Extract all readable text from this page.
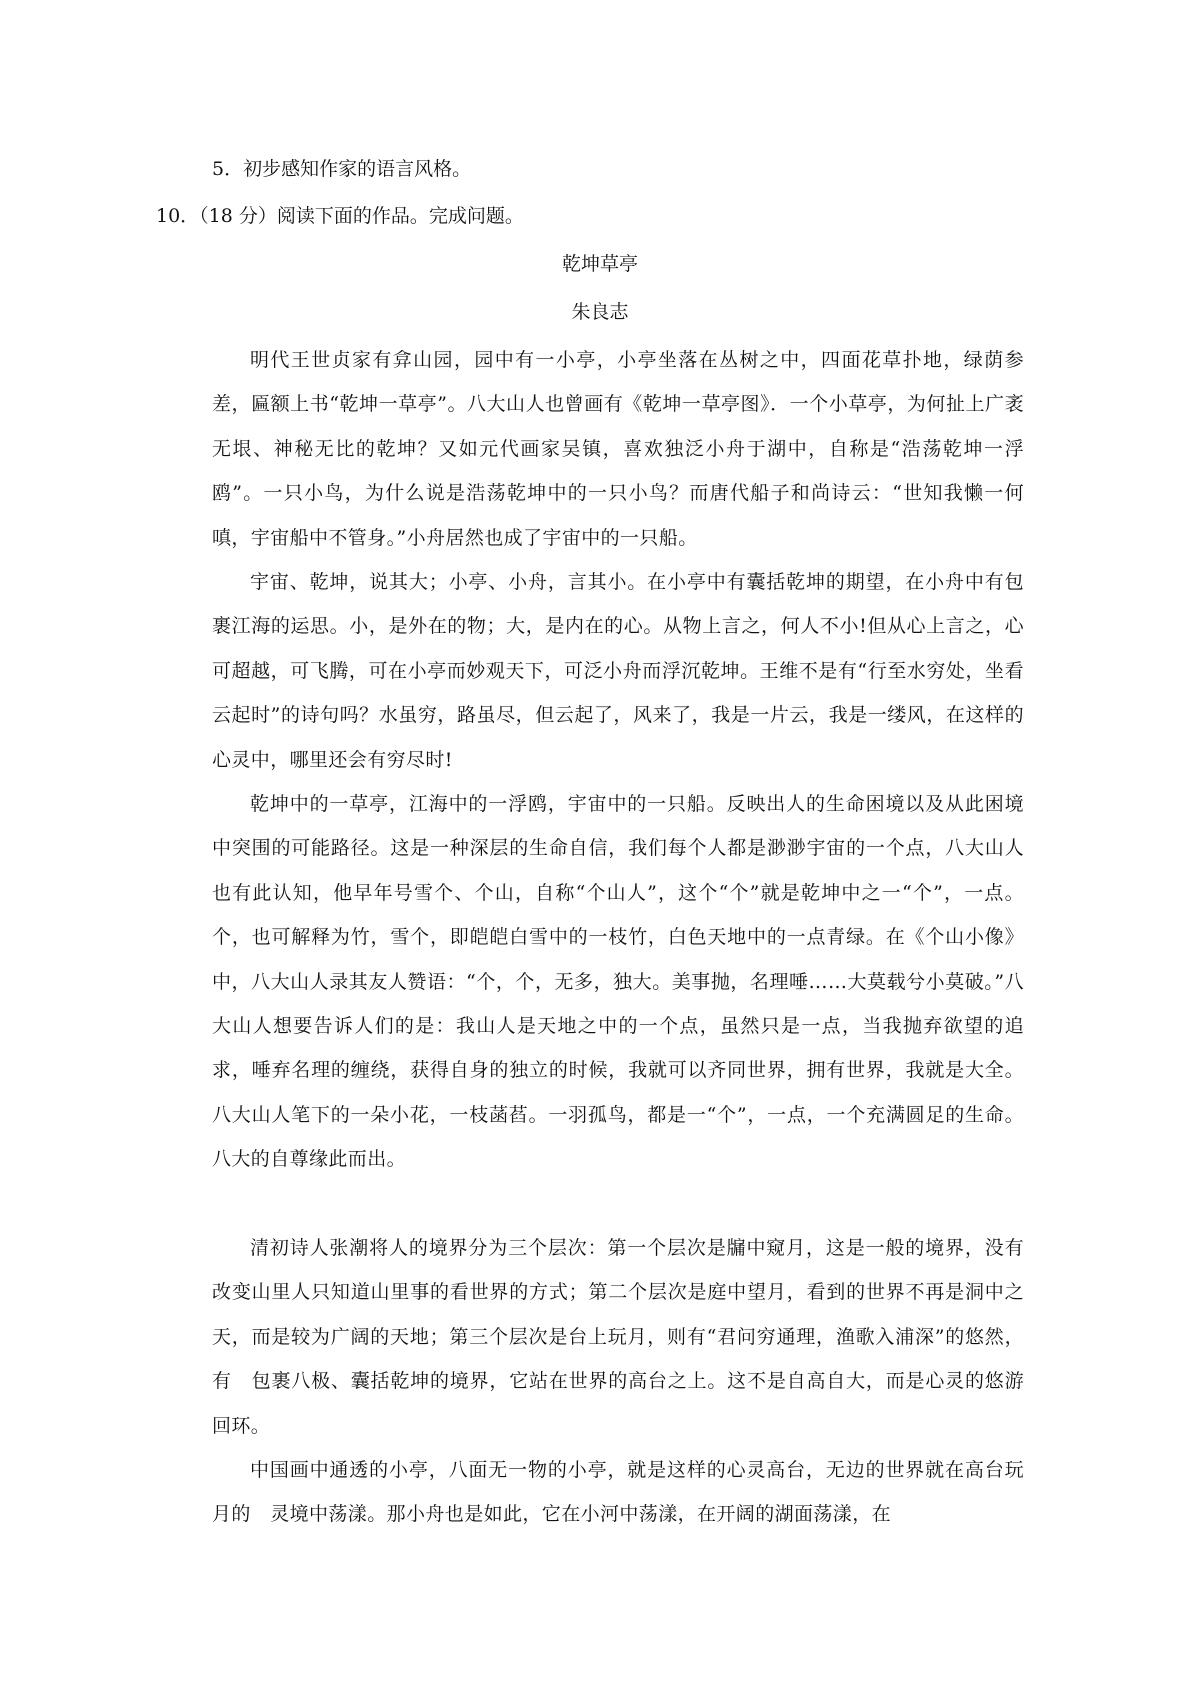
5．初步感知作家的语言风格。
10．（18 分）阅读下面的作品。完成问题。
乾坤草亭
朱良志

明代王世贞家有弇山园，园中有一小亭，小亭坐落在丛树之中，四面花草扑地，绿荫参差，匾额上书“乾坤一草亭”。八大山人也曾画有《乾坤一草亭图》．一个小草亭，为何扯上广袤无垠、神秘无比的乾坤？又如元代画家吴镇，喜欢独泛小舟于湖中，自称是“浩荡乾坤一浮鸥”。一只小鸟，为什么说是浩荡乾坤中的一只小鸟？而唐代船子和尚诗云：“世知我懒一何嗔，宇宙船中不管身。”小舟居然也成了宇宙中的一只船。

宇宙、乾坤，说其大；小亭、小舟，言其小。在小亭中有囊括乾坤的期望，在小舟中有包裹江海的运思。小，是外在的物；大，是内在的心。从物上言之，何人不小!但从心上言之，心可超越，可飞腾，可在小亭而妙观天下，可泛小舟而浮沉乾坤。王维不是有“行至水穷处，坐看云起时”的诗句吗？水虽穷，路虽尽，但云起了，风来了，我是一片云，我是一缕风，在这样的心灵中，哪里还会有穷尽时!

乾坤中的一草亭，江海中的一浮鸥，宇宙中的一只船。反映出人的生命困境以及从此困境中突围的可能路径。这是一种深层的生命自信，我们每个人都是渺渺宇宙的一个点，八大山人也有此认知，他早年号雪个、个山，自称“个山人”，这个“个”就是乾坤中之一“个”，一点。个，也可解释为竹，雪个，即皑皑白雪中的一枝竹，白色天地中的一点青绿。在《个山小像》中，八大山人录其友人赞语：“个，个，无多，独大。美事抛，名理唾……大莫载兮小莫破。”八大山人想要告诉人们的是：我山人是天地之中的一个点，虽然只是一点，当我抛弃欲望的追求，唾弃名理的缠绕，获得自身的独立的时候，我就可以齐同世界，拥有世界，我就是大全。八大山人笔下的一朵小花，一枝菡萏。一羽孤鸟，都是一“个”，一点，一个充满圆足的生命。八大的自尊缘此而出。

清初诗人张潮将人的境界分为三个层次：第一个层次是牖中窥月，这是一般的境界，没有改变山里人只知道山里事的看世界的方式；第二个层次是庭中望月，看到的世界不再是洞中之天，而是较为广阔的天地；第三个层次是台上玩月，则有“君问穷通理，渔歌入浦深”的悠然，有　包裹八极、囊括乾坤的境界，它站在世界的高台之上。这不是自高自大，而是心灵的悠游回环。

中国画中通透的小亭，八面无一物的小亭，就是这样的心灵高台，无边的世界就在高台玩月的　灵境中荡漾。那小舟也是如此，它在小河中荡漾，在开阔的湖面荡漾，在
